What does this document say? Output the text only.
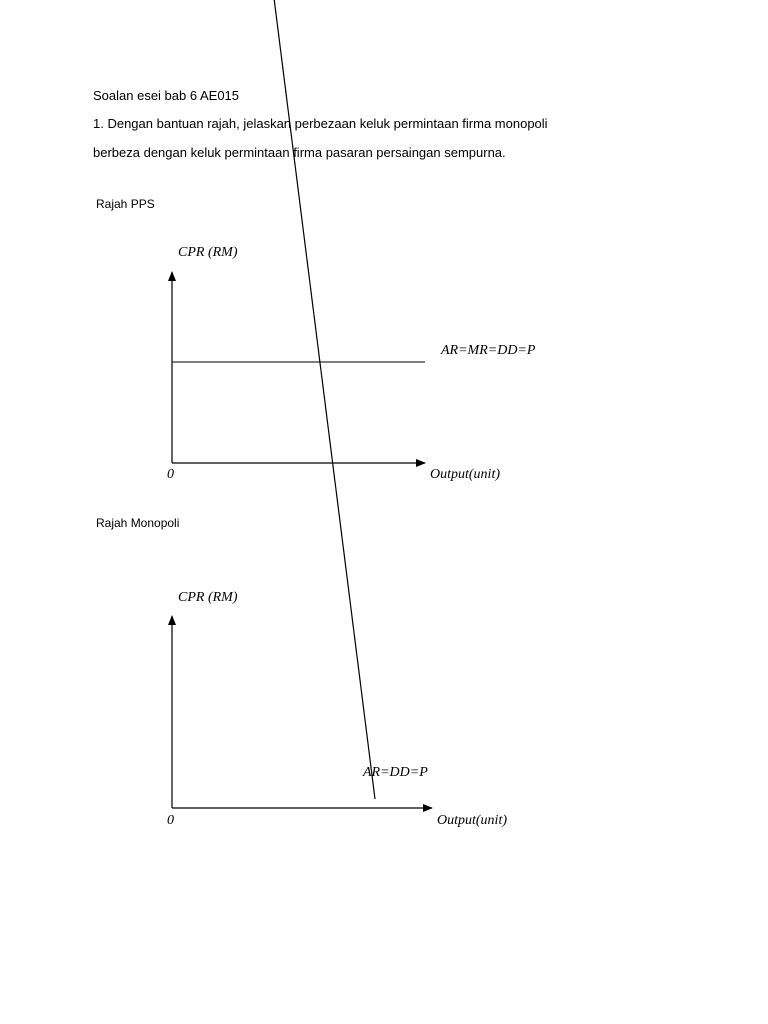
Soalan esei bab 6 AE015
1. Dengan bantuan rajah, jelaskan perbezaan keluk permintaan firma monopoli
berbeza dengan keluk permintaan firma pasaran persaingan sempurna.
Rajah PPS
Rajah Monopoli
CPR (RM)
AR=MR=DD=P
0	Output(unit)
CPR (RM)
AR=DD=P
0	Output(unit)
